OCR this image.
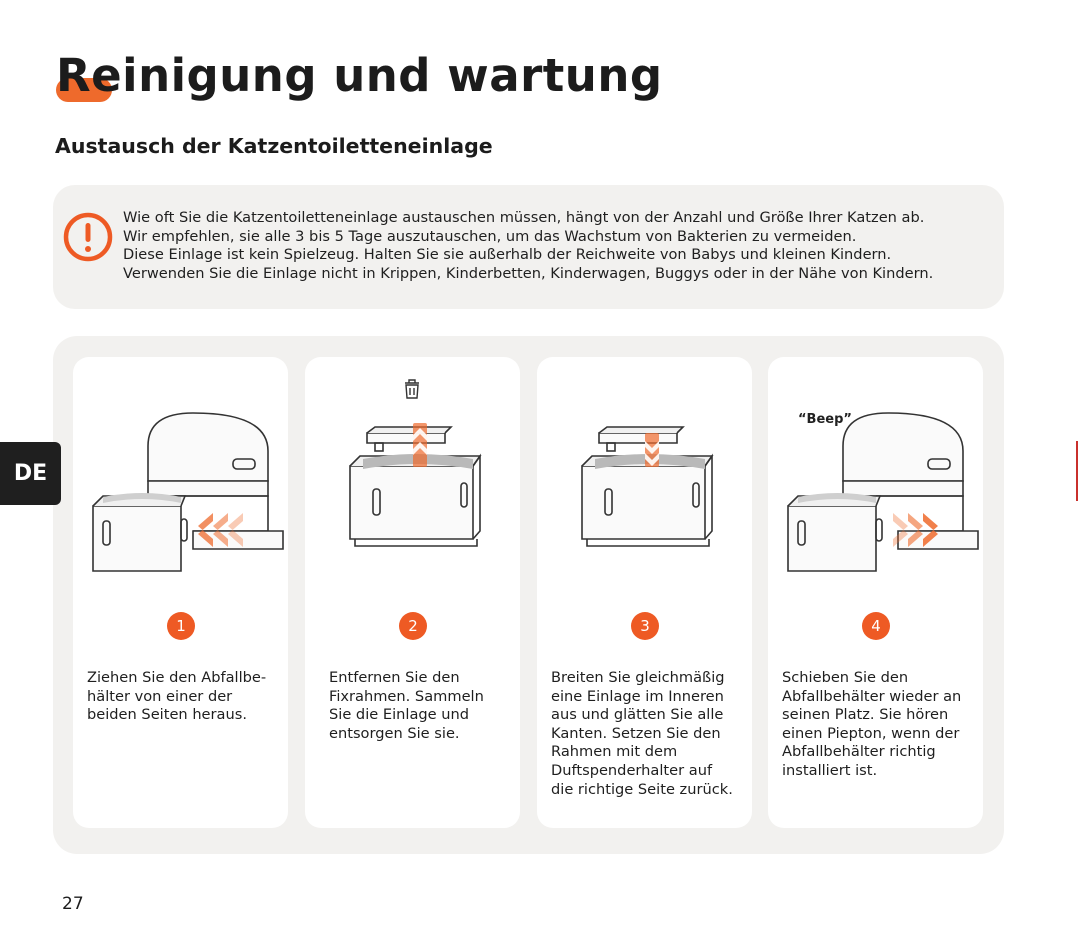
Reinigung und wartung
Austausch der Katzentoiletteneinlage
Wie oft Sie die Katzentoiletteneinlage austauschen müssen, hängt von der Anzahl und Größe Ihrer Katzen ab.
Wir empfehlen, sie alle 3 bis 5 Tage auszutauschen, um das Wachstum von Bakterien zu vermeiden.
Diese Einlage ist kein Spielzeug. Halten Sie sie außerhalb der Reichweite von Babys und kleinen Kindern.
Verwenden Sie die Einlage nicht in Krippen, Kinderbetten, Kinderwagen, Buggys oder in der Nähe von Kindern.
1
Ziehen Sie den Abfallbe-
hälter von einer der
beiden Seiten heraus.
2
Entfernen Sie den
Fixrahmen. Sammeln
Sie die Einlage und
entsorgen Sie sie.
3
Breiten Sie gleichmäßig
eine Einlage im Inneren
aus und glätten Sie alle
Kanten. Setzen Sie den
Rahmen mit dem
Duftspenderhalter auf
die richtige Seite zurück.
“Beep”
4
Schieben Sie den
Abfallbehälter wieder an
seinen Platz. Sie hören
einen Piepton, wenn der
Abfallbehälter richtig
installiert ist.
DE
27
